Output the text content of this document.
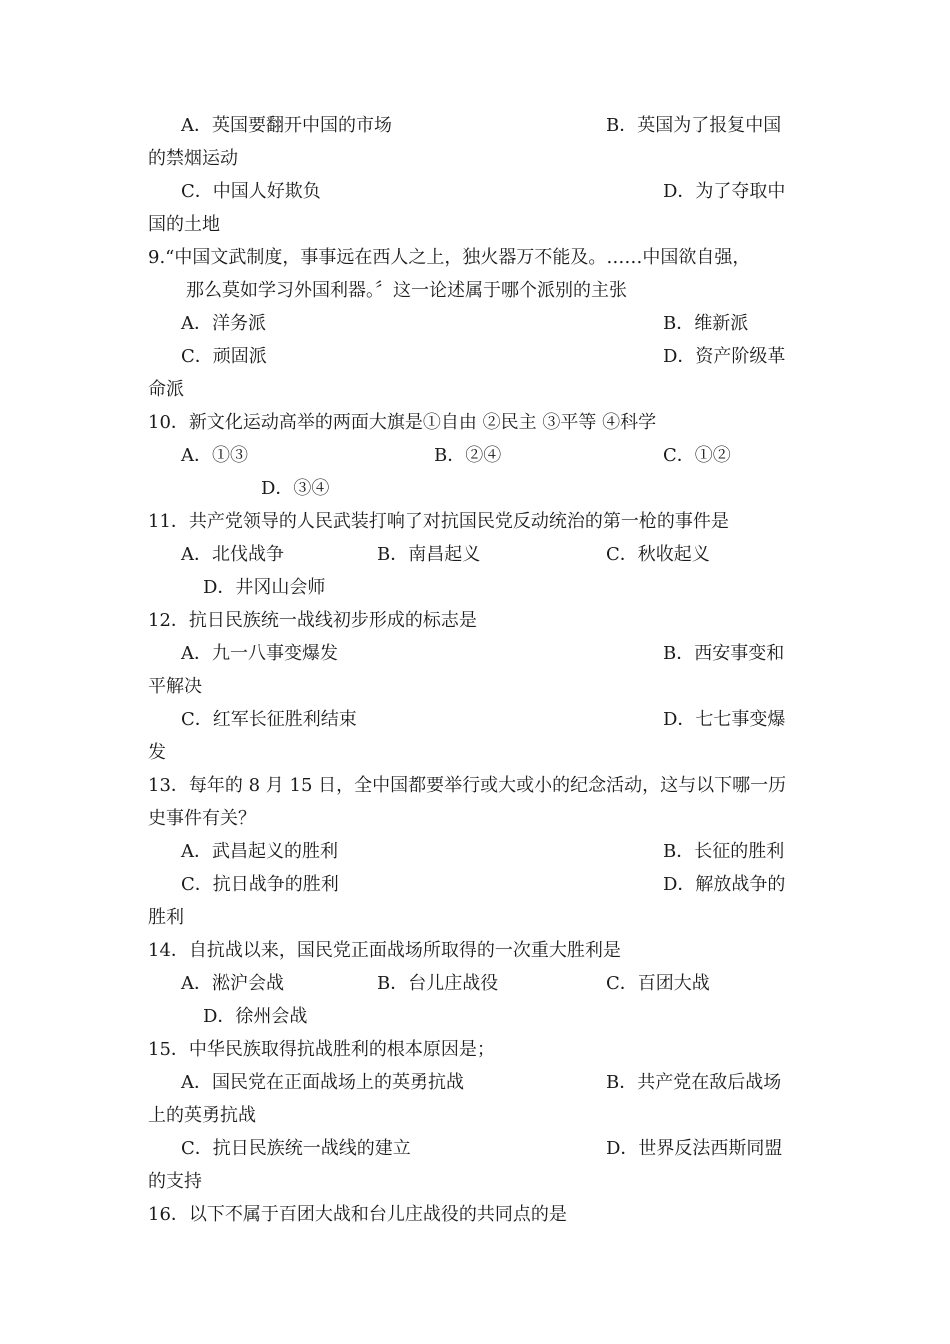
A．英国要翻开中国的市场	B．英国为了报复中国
的禁烟运动
C．中国人好欺负	D．为了夺取中
国的土地
9.“中国文武制度，事事远在西人之上，独火器万不能及。……中国欲自强，
那么莫如学习外国利器。〞这一论述属于哪个派别的主张
A．洋务派	B．维新派
C．顽固派	D．资产阶级革
命派
10．新文化运动高举的两面大旗是①自由 ②民主 ③平等 ④科学
A．①③	B．②④	C．①②
D．③④
11．共产党领导的人民武装打响了对抗国民党反动统治的第一枪的事件是
A．北伐战争	B．南昌起义	C．秋收起义
D．井冈山会师
12．抗日民族统一战线初步形成的标志是
A．九一八事变爆发	B．西安事变和
平解决
C．红军长征胜利结束	D．七七事变爆
发
13．每年的 8 月 15 日，全中国都要举行或大或小的纪念活动，这与以下哪一历
史事件有关？
A．武昌起义的胜利	B．长征的胜利
C．抗日战争的胜利	D．解放战争的
胜利
14．自抗战以来，国民党正面战场所取得的一次重大胜利是
A．淞沪会战	B．台儿庄战役	C．百团大战
D．徐州会战
15．中华民族取得抗战胜利的根本原因是；
A．国民党在正面战场上的英勇抗战	B．共产党在敌后战场
上的英勇抗战
C．抗日民族统一战线的建立	D．世界反法西斯同盟
的支持
16．以下不属于百团大战和台儿庄战役的共同点的是
